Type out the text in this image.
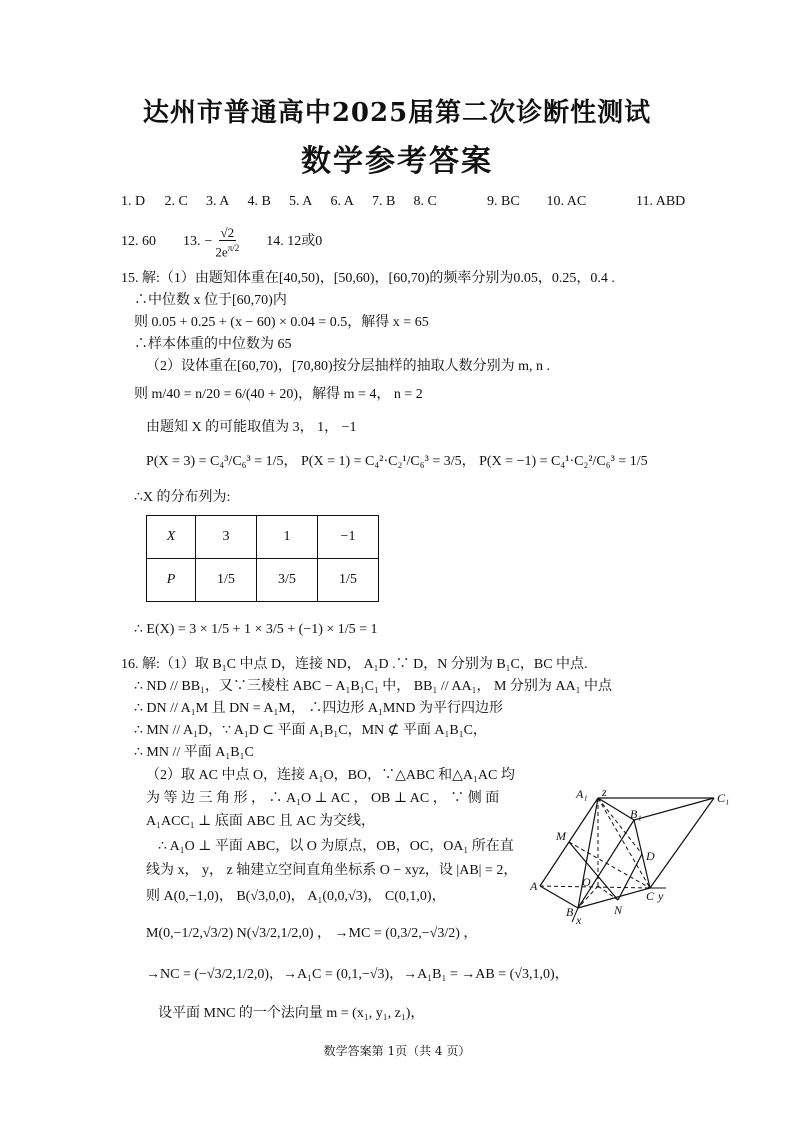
达州市普通高中2025届第二次诊断性测试
数学参考答案
1. D 2. C 3. A 4. B 5. A 6. A 7. B 8. C	9. BC 10. AC	11. ABD
12. 60	13. − $\frac{√2}{2e^{\pi/2}} 14$. 12或0
15. 解:（1）由题知体重在[40,50)，[50,60)，[60,70)的频率分别为0.05，0.25，0.4 .
∴中位数 x 位于[60,70)内
则 0.05 + 0.25 + (x − 60) × 0.04 = 0.5，解得 x = 65
∴样本体重的中位数为 65
（2）设体重在[60,70)，[70,80)按分层抽样的抽取人数分别为 m, n .
则 m/40 = n/20 = 6/(40 + 20)，解得 m = 4， n = 2
由题知 X 的可能取值为 3， 1， −1
P(X = 3) = C₄³/C₆³ = 1/5， P(X = 1) = C₄²·C₂¹/C₆³ = 3/5， P(X = −1) = C₄¹·C₂²/C₆³ = 1/5
∴X 的分布列为:
X	3	1	−1
P	1/5	3/5	1/5
∴ E(X) = 3 × 1/5 + 1 × 3/5 + (−1) × 1/5 = 1
16. 解:（1）取 B₁C 中点 D，连接 ND， A₁D .∵ D，N 分别为 B₁C，BC 中点.
∴ ND // BB₁，又∵三棱柱 ABC − A₁B₁C₁ 中， BB₁ // AA₁， M 分别为 AA₁ 中点
∴ DN // A₁M 且 DN = A₁M， ∴四边形 A₁MND 为平行四边形
∴ MN // A₁D，∵ A₁D ⊂ 平面 A₁B₁C，MN ⊄ 平面 A₁B₁C，
∴ MN // 平面 A₁B₁C
（2）取 AC 中点 O，连接 A₁O，BO，∵△ABC 和△A₁AC 均
为 等 边 三 角 形 ， ∴ A₁O ⊥ AC ， OB ⊥ AC ， ∵ 侧 面
A₁ACC₁ ⊥ 底面 ABC 且 AC 为交线，
∴ A₁O ⊥ 平面 ABC，以 O 为原点，OB，OC，OA₁ 所在直
线为 x， y， z 轴建立空间直角坐标系 O − xyz，设 |AB| = 2，
则 A(0,−1,0)， B(√3,0,0)， A₁(0,0,√3)， C(0,1,0)，
M(0,−1/2,√3/2) N(√3/2,1/2,0) ， →MC = (0,3/2,−√3/2) ，
→NC = (−√3/2,1/2,0)，→A₁C = (0,1,−√3)，→A₁B₁ = →AB = (√3,1,0)，
设平面 MNC 的一个法向量 m = (x₁, y₁, z₁)，
A₁ z	C₁
B₁
M
D
O
A
C y
B
x
N
数学答案第 1页（共 4 页）
